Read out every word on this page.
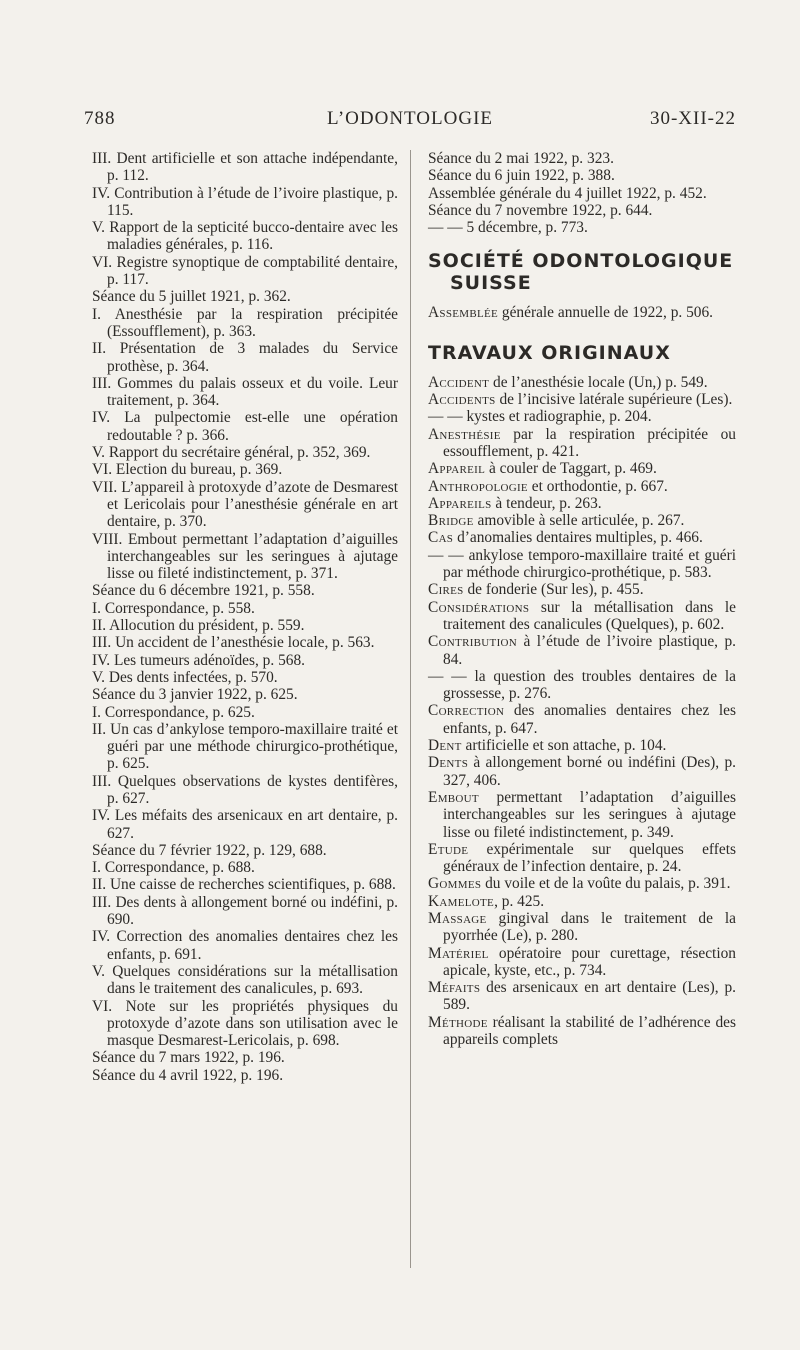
788	L’ODONTOLOGIE	30-XII-22

III. Dent artificielle et son attache indépendante, p. 112.

IV. Contribution à l’étude de l’ivoire plastique, p. 115.

V. Rapport de la septicité bucco-dentaire avec les maladies générales, p. 116.

VI. Registre synoptique de comptabilité dentaire, p. 117.

Séance du 5 juillet 1921, p. 362.

I. Anesthésie par la respiration précipitée (Essoufflement), p. 363.

II. Présentation de 3 malades du Service prothèse, p. 364.

III. Gommes du palais osseux et du voile. Leur traitement, p. 364.

IV. La pulpectomie est-elle une opération redoutable ? p. 366.

V. Rapport du secrétaire général, p. 352, 369.

VI. Election du bureau, p. 369.

VII. L’appareil à protoxyde d’azote de Desmarest et Lericolais pour l’anesthésie générale en art dentaire, p. 370.

VIII. Embout permettant l’adaptation d’aiguilles interchangeables sur les seringues à ajutage lisse ou fileté indistinctement, p. 371.

Séance du 6 décembre 1921, p. 558.

I. Correspondance, p. 558.

II. Allocution du président, p. 559.

III. Un accident de l’anesthésie locale, p. 563.

IV. Les tumeurs adénoïdes, p. 568.

V. Des dents infectées, p. 570.

Séance du 3 janvier 1922, p. 625.

I. Correspondance, p. 625.

II. Un cas d’ankylose temporo-maxillaire traité et guéri par une méthode chirurgico-prothétique, p. 625.

III. Quelques observations de kystes dentifères, p. 627.

IV. Les méfaits des arsenicaux en art dentaire, p. 627.

Séance du 7 février 1922, p. 129, 688.

I. Correspondance, p. 688.

II. Une caisse de recherches scientifiques, p. 688.

III. Des dents à allongement borné ou indéfini, p. 690.

IV. Correction des anomalies dentaires chez les enfants, p. 691.

V. Quelques considérations sur la métallisation dans le traitement des canalicules, p. 693.

VI. Note sur les propriétés physiques du protoxyde d’azote dans son utilisation avec le masque Desmarest-Lericolais, p. 698.

Séance du 7 mars 1922, p. 196.

Séance du 4 avril 1922, p. 196.

Séance du 2 mai 1922, p. 323.

Séance du 6 juin 1922, p. 388.

Assemblée générale du 4 juillet 1922, p. 452.

Séance du 7 novembre 1922, p. 644.

— — 5 décembre, p. 773.

SOCIÉTÉ ODONTOLOGIQUE SUISSE

Assemblée générale annuelle de 1922, p. 506.

TRAVAUX ORIGINAUX

Accident de l’anesthésie locale (Un,) p. 549.

Accidents de l’incisive latérale supérieure (Les).

— — kystes et radiographie, p. 204.

Anesthésie par la respiration précipitée ou essoufflement, p. 421.

Appareil à couler de Taggart, p. 469.

Anthropologie et orthodontie, p. 667.

Appareils à tendeur, p. 263.

Bridge amovible à selle articulée, p. 267.

Cas d’anomalies dentaires multiples, p. 466.

— — ankylose temporo-maxillaire traité et guéri par méthode chirurgico-prothétique, p. 583.

Cires de fonderie (Sur les), p. 455.

Considérations sur la métallisation dans le traitement des canalicules (Quelques), p. 602.

Contribution à l’étude de l’ivoire plastique, p. 84.

— — la question des troubles dentaires de la grossesse, p. 276.

Correction des anomalies dentaires chez les enfants, p. 647.

Dent artificielle et son attache, p. 104.

Dents à allongement borné ou indéfini (Des), p. 327, 406.

Embout permettant l’adaptation d’aiguilles interchangeables sur les seringues à ajutage lisse ou fileté indistinctement, p. 349.

Etude expérimentale sur quelques effets généraux de l’infection dentaire, p. 24.

Gommes du voile et de la voûte du palais, p. 391.

Kamelote, p. 425.

Massage gingival dans le traitement de la pyorrhée (Le), p. 280.

Matériel opératoire pour curettage, résection apicale, kyste, etc., p. 734.

Méfaits des arsenicaux en art dentaire (Les), p. 589.

Méthode réalisant la stabilité de l’adhérence des appareils complets
